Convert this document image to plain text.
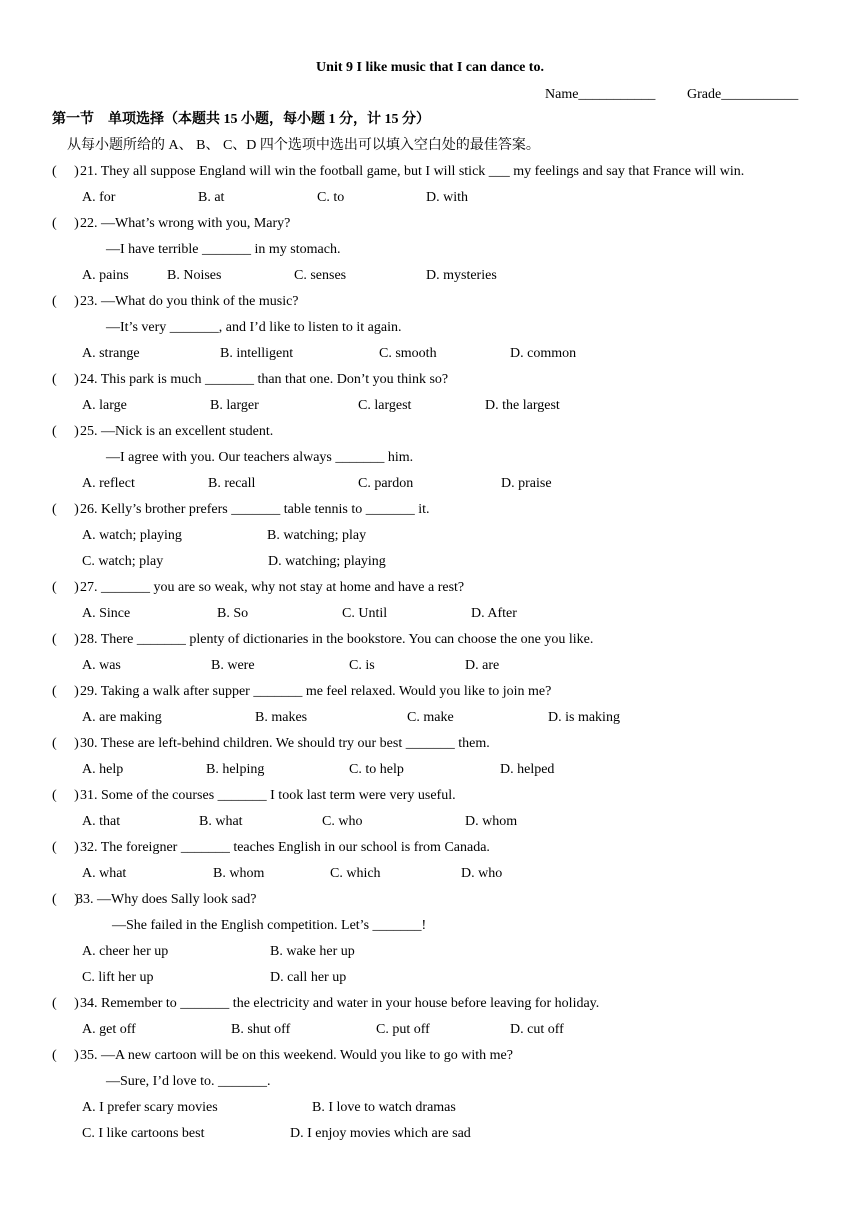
Unit 9 I like music that I can dance to.
Name___________ Grade___________
第一节　单项选择（本题共 15 小题，每小题 1 分，计 15 分）
从每小题所给的 A、 B、 C、D 四个选项中选出可以填入空白处的最佳答案。
(　 ) 21. They all suppose England will win the football game, but I will stick ___ my feelings and say that France will win.
A. for	B. at	C. to	D. with
(　 ) 22. —What’s wrong with you, Mary?
—I have terrible _______ in my stomach.
A. pains	B. Noises	C. senses	D. mysteries
(　 ) 23. —What do you think of the music?
—It’s very _______, and I’d like to listen to it again.
A. strange	B. intelligent	C. smooth	D. common
(　 ) 24. This park is much _______ than that one. Don’t you think so?
A. large	B. larger	C. largest	D. the largest
(　 ) 25. —Nick is an excellent student.
—I agree with you. Our teachers always _______ him.
A. reflect	B. recall	C. pardon	D. praise
(　 ) 26. Kelly’s brother prefers _______ table tennis to _______ it.
A. watch; playing	B. watching; play
C. watch; play	D. watching; playing
(　 ) 27. _______ you are so weak, why not stay at home and have a rest?
A. Since	B. So	C. Until	D. After
(　 ) 28. There _______ plenty of dictionaries in the bookstore. You can choose the one you like.
A. was	B. were	C. is	D. are
(　 ) 29. Taking a walk after supper _______ me feel relaxed. Would you like to join me?
A. are making	B. makes	C. make	D. is making
(　 ) 30. These are left-behind children. We should try our best _______ them.
A. help	B. helping	C. to help	D. helped
(　 ) 31. Some of the courses _______ I took last term were very useful.
A. that	B. what	C. who	D. whom
(　 ) 32. The foreigner _______ teaches English in our school is from Canada.
A. what	B. whom	C. which	D. who
(　 )
33. —Why does Sally look sad?
—She failed in the English competition. Let’s _______!
A. cheer her up	B. wake her up
C. lift her up	D. call her up
(　 ) 34. Remember to _______ the electricity and water in your house before leaving for holiday.
A. get off	B. shut off	C. put off	D. cut off
(　 ) 35. —A new cartoon will be on this weekend. Would you like to go with me?
—Sure, I’d love to. _______.
A. I prefer scary movies	B. I love to watch dramas
C. I like cartoons best	D. I enjoy movies which are sad
